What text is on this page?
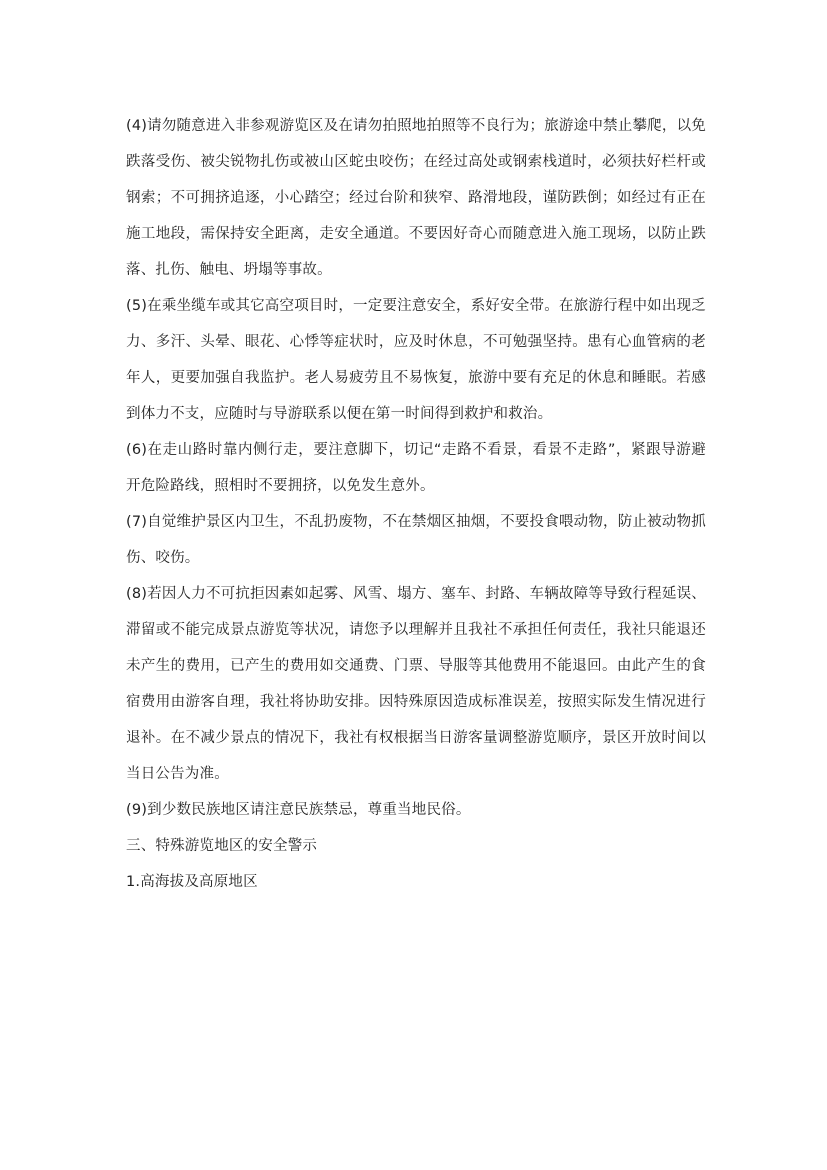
(4)请勿随意进入非参观游览区及在请勿拍照地拍照等不良行为；旅游途中禁止攀爬，以免跌落受伤、被尖锐物扎伤或被山区蛇虫咬伤；在经过高处或钢索栈道时，必须扶好栏杆或钢索；不可拥挤追逐，小心踏空；经过台阶和狭窄、路滑地段，谨防跌倒；如经过有正在施工地段，需保持安全距离，走安全通道。不要因好奇心而随意进入施工现场，以防止跌落、扎伤、触电、坍塌等事故。

(5)在乘坐缆车或其它高空项目时，一定要注意安全，系好安全带。在旅游行程中如出现乏力、多汗、头晕、眼花、心悸等症状时，应及时休息，不可勉强坚持。患有心血管病的老年人，更要加强自我监护。老人易疲劳且不易恢复，旅游中要有充足的休息和睡眠。若感到体力不支，应随时与导游联系以便在第一时间得到救护和救治。

(6)在走山路时靠内侧行走，要注意脚下，切记“走路不看景，看景不走路”，紧跟导游避开危险路线，照相时不要拥挤，以免发生意外。

(7)自觉维护景区内卫生，不乱扔废物，不在禁烟区抽烟，不要投食喂动物，防止被动物抓伤、咬伤。

(8)若因人力不可抗拒因素如起雾、风雪、塌方、塞车、封路、车辆故障等导致行程延误、滞留或不能完成景点游览等状况，请您予以理解并且我社不承担任何责任，我社只能退还未产生的费用，已产生的费用如交通费、门票、导服等其他费用不能退回。由此产生的食宿费用由游客自理，我社将协助安排。因特殊原因造成标准误差，按照实际发生情况进行退补。在不减少景点的情况下，我社有权根据当日游客量调整游览顺序，景区开放时间以当日公告为准。

(9)到少数民族地区请注意民族禁忌，尊重当地民俗。

三、特殊游览地区的安全警示

1.高海拔及高原地区
